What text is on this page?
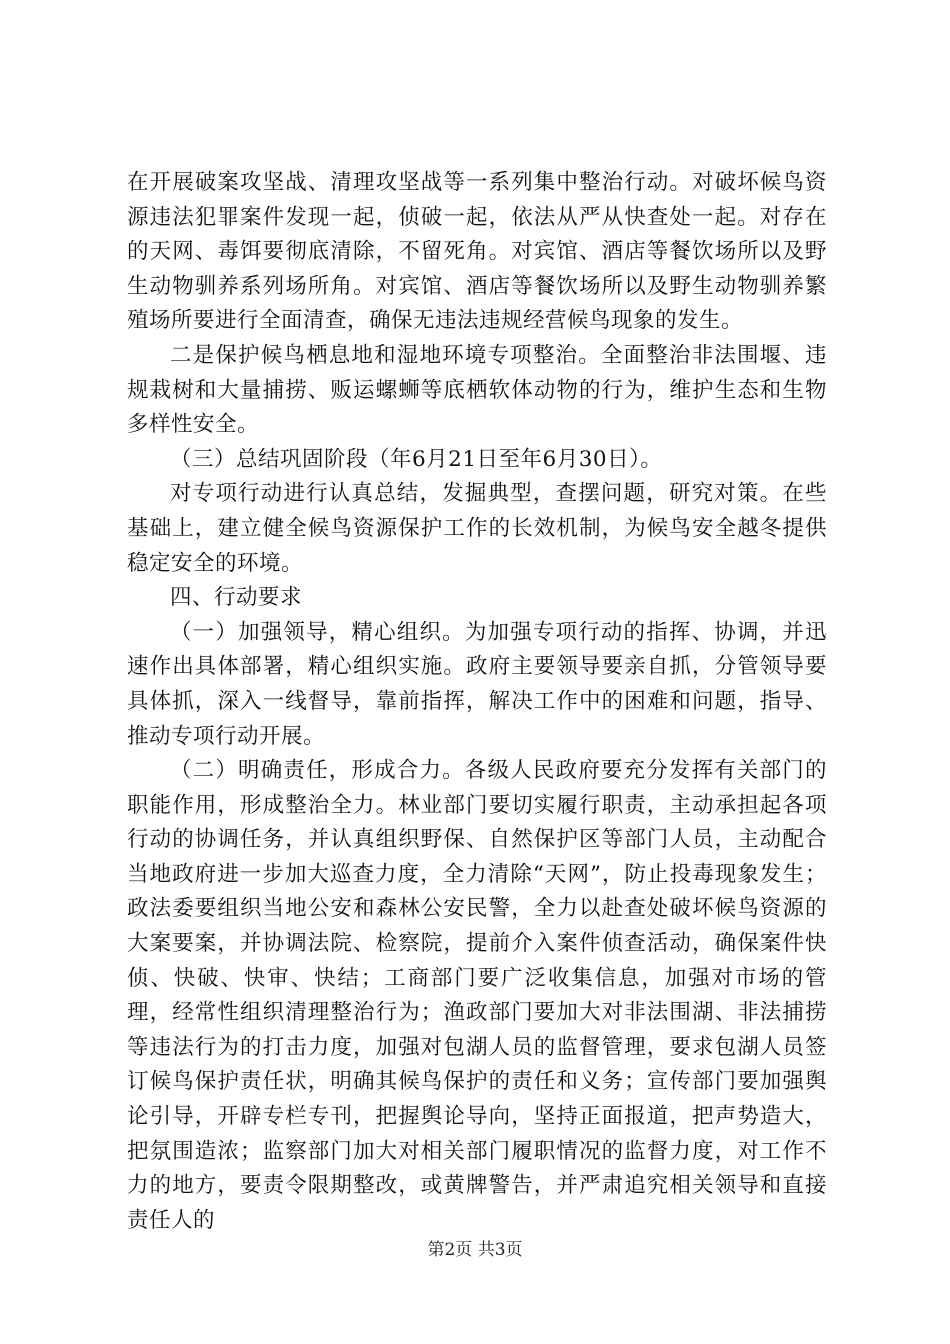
在开展破案攻坚战、清理攻坚战等一系列集中整治行动。对破坏候鸟资源违法犯罪案件发现一起，侦破一起，依法从严从快查处一起。对存在的天网、毒饵要彻底清除，不留死角。对宾馆、酒店等餐饮场所以及野生动物驯养系列场所角。对宾馆、酒店等餐饮场所以及野生动物驯养繁殖场所要进行全面清查，确保无违法违规经营候鸟现象的发生。

二是保护候鸟栖息地和湿地环境专项整治。全面整治非法围堰、违规栽树和大量捕捞、贩运螺蛳等底栖软体动物的行为，维护生态和生物多样性安全。

（三）总结巩固阶段（年6月21日至年6月30日）。

对专项行动进行认真总结，发掘典型，查摆问题，研究对策。在些基础上，建立健全候鸟资源保护工作的长效机制，为候鸟安全越冬提供稳定安全的环境。

四、行动要求

（一）加强领导，精心组织。为加强专项行动的指挥、协调，并迅速作出具体部署，精心组织实施。政府主要领导要亲自抓，分管领导要具体抓，深入一线督导，靠前指挥，解决工作中的困难和问题，指导、推动专项行动开展。

（二）明确责任，形成合力。各级人民政府要充分发挥有关部门的职能作用，形成整治全力。林业部门要切实履行职责，主动承担起各项行动的协调任务，并认真组织野保、自然保护区等部门人员，主动配合当地政府进一步加大巡查力度，全力清除“天网”，防止投毒现象发生；政法委要组织当地公安和森林公安民警，全力以赴查处破坏候鸟资源的大案要案，并协调法院、检察院，提前介入案件侦查活动，确保案件快侦、快破、快审、快结；工商部门要广泛收集信息，加强对市场的管理，经常性组织清理整治行为；渔政部门要加大对非法围湖、非法捕捞等违法行为的打击力度，加强对包湖人员的监督管理，要求包湖人员签订候鸟保护责任状，明确其候鸟保护的责任和义务；宣传部门要加强舆论引导，开辟专栏专刊，把握舆论导向，坚持正面报道，把声势造大，把氛围造浓；监察部门加大对相关部门履职情况的监督力度，对工作不力的地方，要责令限期整改，或黄牌警告，并严肃追究相关领导和直接责任人的

第2页 共3页
